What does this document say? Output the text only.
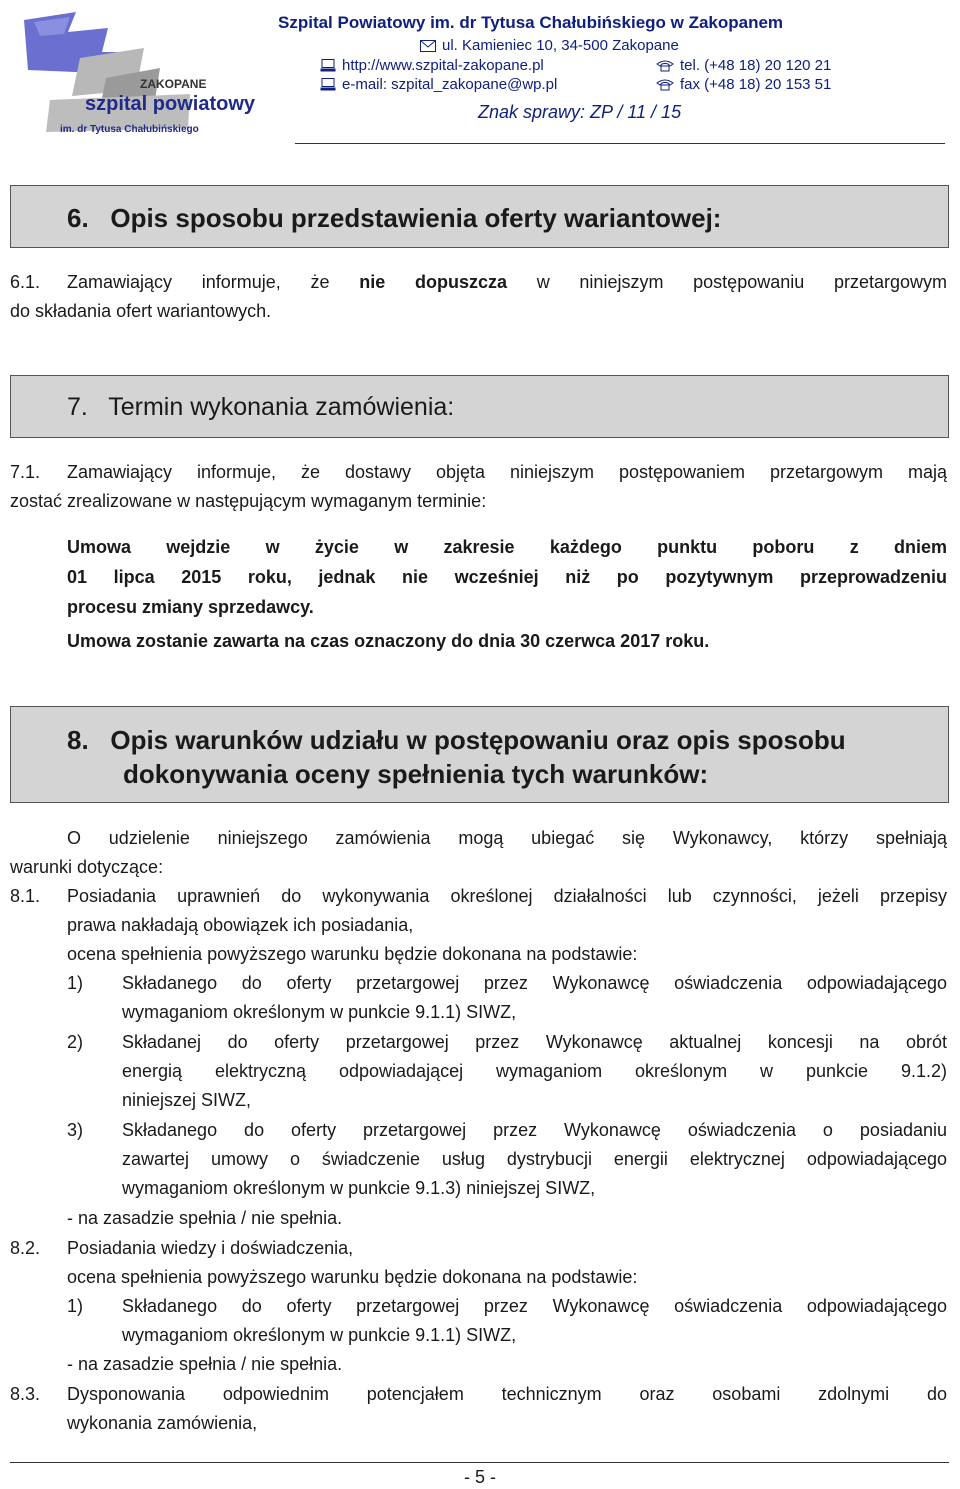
ZAKOPANE
szpital powiatowy
im. dr Tytusa Chałubińskiego
Szpital Powiatowy im. dr Tytusa Chałubińskiego w Zakopanem
ul. Kamieniec 10, 34-500 Zakopane
http://www.szpital-zakopane.pl
e-mail: szpital_zakopane@wp.pl
tel. (+48 18) 20 120 21
fax (+48 18) 20 153 51
Znak sprawy: ZP / 11 / 15
6.   Opis sposobu przedstawienia oferty wariantowej:
6.1. Zamawiający informuje, że nie dopuszcza w niniejszym postępowaniu przetargowym
do składania ofert wariantowych.
7.   Termin wykonania zamówienia:
7.1. Zamawiający informuje, że dostawy objęta niniejszym postępowaniem przetargowym mają
zostać zrealizowane w następującym wymaganym terminie:
Umowa wejdzie w życie w zakresie każdego punktu poboru z dniem
01 lipca 2015 roku, jednak nie wcześniej niż po pozytywnym przeprowadzeniu
procesu zmiany sprzedawcy.
Umowa zostanie zawarta na czas oznaczony do dnia 30 czerwca 2017 roku.
8.   Opis warunków udziału w postępowaniu oraz opis sposobu
dokonywania oceny spełnienia tych warunków:
O udzielenie niniejszego zamówienia mogą ubiegać się Wykonawcy, którzy spełniają
warunki dotyczące:
8.1. Posiadania uprawnień do wykonywania określonej działalności lub czynności, jeżeli przepisy
prawa nakładają obowiązek ich posiadania,
ocena spełnienia powyższego warunku będzie dokonana na podstawie:
1) Składanego do oferty przetargowej przez Wykonawcę oświadczenia odpowiadającego
wymaganiom określonym w punkcie 9.1.1) SIWZ,
2) Składanej do oferty przetargowej przez Wykonawcę aktualnej koncesji na obrót
energią elektryczną odpowiadającej wymaganiom określonym w punkcie 9.1.2)
niniejszej SIWZ,
3) Składanego do oferty przetargowej przez Wykonawcę oświadczenia o posiadaniu
zawartej umowy o świadczenie usług dystrybucji energii elektrycznej odpowiadającego
wymaganiom określonym w punkcie 9.1.3) niniejszej SIWZ,
- na zasadzie spełnia / nie spełnia.
8.2. Posiadania wiedzy i doświadczenia,
ocena spełnienia powyższego warunku będzie dokonana na podstawie:
1) Składanego do oferty przetargowej przez Wykonawcę oświadczenia odpowiadającego
wymaganiom określonym w punkcie 9.1.1) SIWZ,
- na zasadzie spełnia / nie spełnia.
8.3. Dysponowania odpowiednim potencjałem technicznym oraz osobami zdolnymi do
wykonania zamówienia,
- 5 -
